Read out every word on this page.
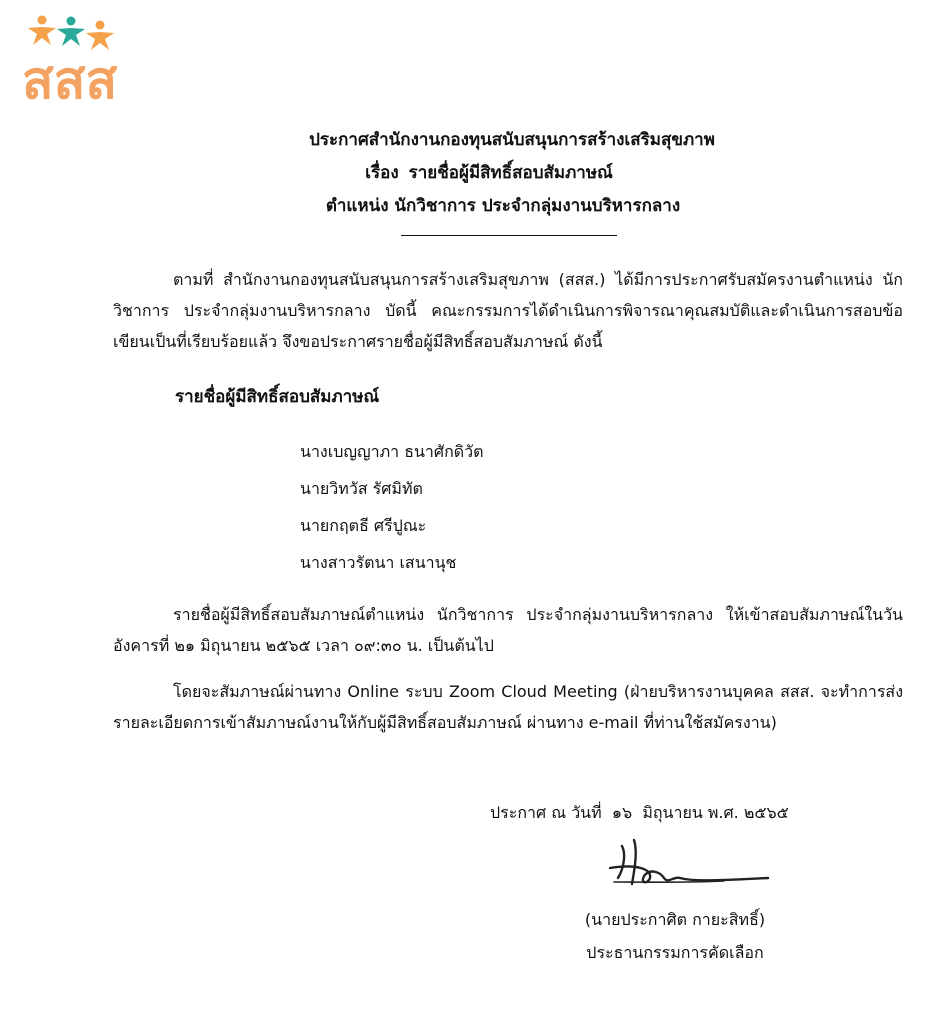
สสส
ประกาศสำนักงานกองทุนสนับสนุนการสร้างเสริมสุขภาพ
เรื่อง รายชื่อผู้มีสิทธิ์สอบสัมภาษณ์
ตำแหน่ง นักวิชาการ ประจำกลุ่มงานบริหารกลาง

ตามที่ สำนักงานกองทุนสนับสนุนการสร้างเสริมสุขภาพ (สสส.) ได้มีการประกาศรับสมัครงานตำแหน่ง นักวิชาการ ประจำกลุ่มงานบริหารกลาง บัดนี้ คณะกรรมการได้ดำเนินการพิจารณาคุณสมบัติและดำเนินการสอบข้อเขียนเป็นที่เรียบร้อยแล้ว จึงขอประกาศรายชื่อผู้มีสิทธิ์สอบสัมภาษณ์ ดังนี้

รายชื่อผู้มีสิทธิ์สอบสัมภาษณ์
นางเบญญาภา ธนาศักดิวัต
นายวิทวัส รัศมิทัต
นายกฤตธี ศรีปูณะ
นางสาวรัตนา เสนานุช

รายชื่อผู้มีสิทธิ์สอบสัมภาษณ์ตำแหน่ง นักวิชาการ ประจำกลุ่มงานบริหารกลาง ให้เข้าสอบสัมภาษณ์ในวันอังคารที่ ๒๑ มิถุนายน ๒๕๖๕ เวลา ๐๙:๓๐ น. เป็นต้นไป

โดยจะสัมภาษณ์ผ่านทาง Online ระบบ Zoom Cloud Meeting (ฝ่ายบริหารงานบุคคล สสส. จะทำการส่งรายละเอียดการเข้าสัมภาษณ์งานให้กับผู้มีสิทธิ์สอบสัมภาษณ์ ผ่านทาง e-mail ที่ท่านใช้สมัครงาน)

ประกาศ ณ วันที่  ๑๖  มิถุนายน พ.ศ. ๒๕๖๕
(นายประกาศิต กายะสิทธิ์)
ประธานกรรมการคัดเลือก
